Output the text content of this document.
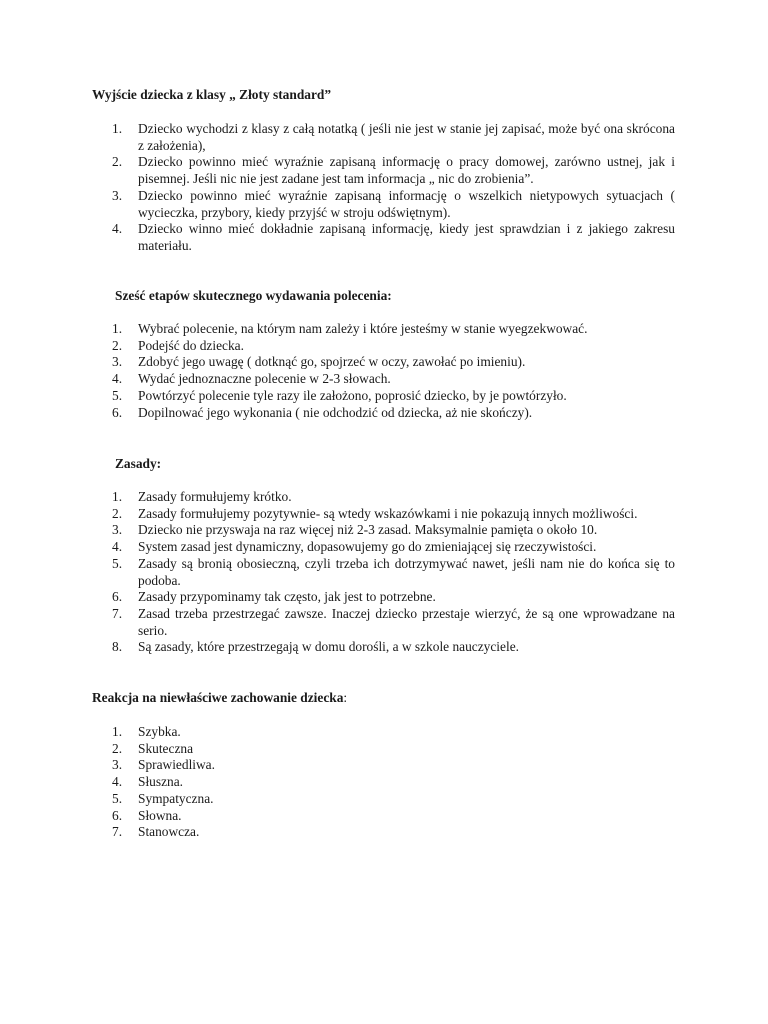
Wyjście dziecka z klasy „ Złoty standard”
1. Dziecko wychodzi z klasy z całą notatką ( jeśli nie jest w stanie jej zapisać, może być ona skrócona z założenia),
2. Dziecko powinno mieć wyraźnie zapisaną informację o pracy domowej, zarówno ustnej, jak i pisemnej. Jeśli nic nie jest zadane jest tam informacja „ nic do zrobienia”.
3. Dziecko powinno mieć wyraźnie zapisaną informację o wszelkich nietypowych sytuacjach ( wycieczka, przybory, kiedy przyjść w stroju odświętnym).
4. Dziecko winno mieć dokładnie zapisaną informację, kiedy jest sprawdzian i z jakiego zakresu materiału.
Sześć etapów skutecznego wydawania polecenia:
1. Wybrać polecenie, na którym nam zależy i które jesteśmy w stanie wyegzekwować.
2. Podejść do dziecka.
3. Zdobyć jego uwagę ( dotknąć go, spojrzeć w oczy, zawołać po imieniu).
4. Wydać jednoznaczne polecenie w 2-3 słowach.
5. Powtórzyć polecenie tyle razy ile założono, poprosić dziecko, by je powtórzyło.
6. Dopilnować jego wykonania ( nie odchodzić od dziecka, aż nie skończy).
Zasady:
1. Zasady formułujemy krótko.
2. Zasady formułujemy pozytywnie- są wtedy wskazówkami i nie pokazują innych możliwości.
3. Dziecko nie przyswaja na raz więcej niż 2-3 zasad. Maksymalnie pamięta o około 10.
4. System zasad jest dynamiczny, dopasowujemy go do zmieniającej się rzeczywistości.
5. Zasady są bronią obosieczną, czyli trzeba ich dotrzymywać nawet, jeśli nam nie do końca się to podoba.
6. Zasady przypominamy tak często, jak jest to potrzebne.
7. Zasad trzeba przestrzegać zawsze. Inaczej dziecko przestaje wierzyć, że są one wprowadzane na serio.
8. Są zasady, które przestrzegają w domu dorośli, a w szkole nauczyciele.
Reakcja na niewłaściwe zachowanie dziecka:
1. Szybka.
2. Skuteczna
3. Sprawiedliwa.
4. Słuszna.
5. Sympatyczna.
6. Słowna.
7. Stanowcza.
